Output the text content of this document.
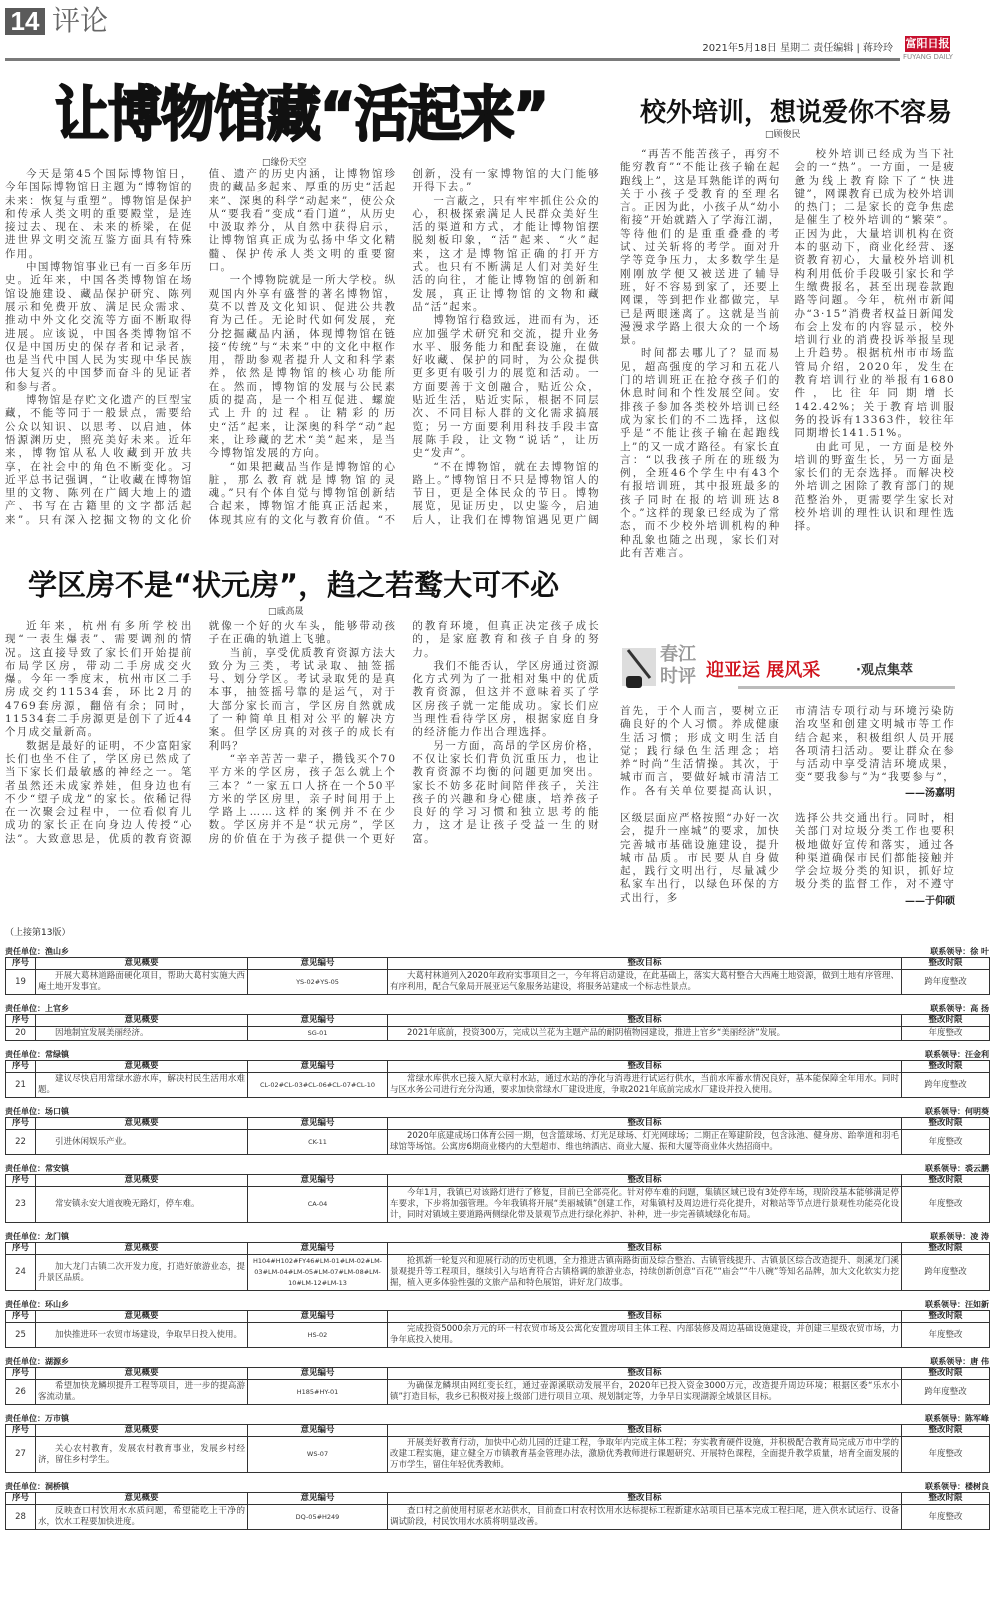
14 评论
2021年5月18日 星期二 责任编辑 | 蒋玲玲 富阳日报
FUYANG DAILY
让博物馆藏“活起来”
□缘份天空

今天是第45个国际博物馆日，今年国际博物馆日主题为“博物馆的未来：恢复与重塑”。博物馆是保护和传承人类文明的重要殿堂，是连接过去、现在、未来的桥梁，在促进世界文明交流互鉴方面具有特殊作用。

中国博物馆事业已有一百多年历史。近年来，中国各类博物馆在场馆设施建设、藏品保护研究、陈列展示和免费开放、满足民众需求、推动中外文化交流等方面不断取得进展。应该说，中国各类博物馆不仅是中国历史的保存者和记录者，也是当代中国人民为实现中华民族伟大复兴的中国梦而奋斗的见证者和参与者。

博物馆是存贮文化遗产的巨型宝藏，不能等同于一般景点，需要给公众以知识、以思考、以启迪，体悟源渊历史，照亮美好未来。近年来，博物馆从私人收藏到开放共享，在社会中的角色不断变化。习近平总书记强调，“让收藏在博物馆里的文物、陈列在广阔大地上的遗产、书写在古籍里的文字都活起来”。只有深入挖掘文物的文化价值、遗产的历史内涵，让博物馆珍贵的藏品多起来、厚重的历史“活起来”、深奥的科学“动起来”，使公众从“要我看”变成“看门道”，从历史中汲取养分，从自然中获得启示，让博物馆真正成为弘扬中华文化精髓、保护传承人类文明的重要窗口。

一个博物院就是一所大学校。纵观国内外享有盛誉的著名博物馆，莫不以普及文化知识、促进公共教育为己任。无论时代如何发展，充分挖掘藏品内涵，体现博物馆在链接“传统”与“未来”中的文化中枢作用，帮助参观者提升人文和科学素养，依然是博物馆的核心功能所在。然而，博物馆的发展与公民素质的提高，是一个相互促进、螺旋式上升的过程。让精彩的历史“活”起来，让深奥的科学“动”起来，让珍藏的艺术“美”起来，是当今博物馆发展的方向。

“如果把藏品当作是博物馆的心脏，那么教育就是博物馆的灵魂。”只有个体自觉与博物馆创新结合起来，博物馆才能真正活起来，体现其应有的文化与教育价值。“不创新，没有一家博物馆的大门能够开得下去。”

一言蔽之，只有牢牢抓住公众的心，积极探索满足人民群众美好生活的渠道和方式，才能让博物馆摆脱刻板印象，“活”起来、“火”起来，这才是博物馆正确的打开方式。也只有不断满足人们对美好生活的向往，才能让博物馆的创新和发展，真正让博物馆的文物和藏品“活”起来。

博物馆行稳致远，进而有为，还应加强学术研究和交流，提升业务水平、服务能力和配套设施，在做好收藏、保护的同时，为公众提供更多更有吸引力的展览和活动。一方面要善于文创融合，贴近公众，贴近生活，贴近实际，根据不同层次、不同目标人群的文化需求搞展览；另一方面要利用科技手段丰富展陈手段，让文物“说话”，让历史“发声”。

“不在博物馆，就在去博物馆的路上。”博物馆日不只是博物馆人的节日，更是全体民众的节日。博物展览，见证历史，以史鉴今，启迪后人，让我们在博物馆遇见更广阔

校外培训，想说爱你不容易
□顾俊民

“再苦不能苦孩子，再穷不能穷教育”“不能让孩子输在起跑线上”，这是耳熟能详的两句关于小孩子受教育的至理名言。正因为此，小孩子从“幼小衔接”开始就踏入了学海江湖，等待他们的是重重叠叠的考试、过关斩将的考学。面对升学等竞争压力，太多数学生是刚刚放学便又被送进了辅导班，好不容易到家了，还要上网课，等到把作业都做完，早已是两眼迷离了。这就是当前漫漫求学路上很大众的一个场景。

时间都去哪儿了？显而易见，超高强度的学习和五花八门的培训班正在抢夺孩子们的休息时间和个性发展空间。安排孩子参加各类校外培训已经成为家长们的不二选择，这似乎是“不能让孩子输在起跑线上”的又一成才路径。有家长直言：“以我孩子所在的班级为例，全班46个学生中有43个有报培训班，其中报班最多的孩子同时在报的培训班达8个。”这样的现象已经成为了常态，而不少校外培训机构的种种乱象也随之出现，家长们对此有苦难言。

校外培训已经成为当下社会的一“热”。一方面，一是疲惫为线上教育除下了“快进键”，网课教育已成为校外培训的热门；二是家长的竞争焦虑是催生了校外培训的“繁荣”。正因为此，大量培训机构在资本的驱动下，商业化经营、逐资教育初心，大量校外培训机构利用低价手段吸引家长和学生缴费报名，甚至出现卷款跑路等问题。今年，杭州市新闻办“3·15”消费者权益日新闻发布会上发布的内容显示，校外培训行业的消费投诉举报呈现上升趋势。根据杭州市市场监管局介绍，2020年，发生在教育培训行业的举报有1680件，比往年同期增长142.42%；关于教育培训服务的投诉有13363件，较往年同期增长141.51%。

由此可见，一方面是校外培训的野蛮生长，另一方面是家长们的无奈选择。而解决校外培训之困除了教育部门的规范整治外，更需要学生家长对校外培训的理性认识和理性选择。

学区房不是“状元房”，趋之若鹜大可不必
□戚高晟

近年来，杭州有多所学校出现“一表生爆表”、需要调剂的情况。这直接导致了家长们开始提前布局学区房，带动二手房成交火爆。今年一季度末，杭州市区二手房成交约11534套，环比2月的4769套房源，翻倍有余；同时，11534套二手房源更是创下了近44个月成交量新高。

数据是最好的证明，不少富阳家长们也坐不住了，学区房已然成了当下家长们最敏感的神经之一。笔者虽然还未成家养娃，但身边也有不少“望子成龙”的家长。依稀记得在一次聚会过程中，一位看似育儿成功的家长正在向身边人传授“心法”。大致意思是，优质的教育资源就像一个好的火车头，能够带动孩子在正确的轨道上飞驰。

当前，享受优质教育资源方法大致分为三类，考试录取、抽签摇号、划分学区。考试录取凭的是真本事，抽签摇号靠的是运气，对于大部分家长而言，学区房自然就成了一种简单且相对公平的解决方案。但学区房真的对孩子的成长有利吗？

“辛辛苦苦一辈子，攒钱买个70平方米的学区房，孩子怎么就上个三本？”一家五口人挤在一个50平方米的学区房里，亲子时间用于上学路上……这样的案例并不在少数。学区房并不是“状元房”，学区房的价值在于为孩子提供一个更好的教育环境，但真正决定孩子成长的，是家庭教育和孩子自身的努力。

我们不能否认，学区房通过资源化方式列为了一批相对集中的优质教育资源，但这并不意味着买了学区房孩子就一定能成功。家长们应当理性看待学区房，根据家庭自身的经济能力作出合理选择。

另一方面，高昂的学区房价格，不仅让家长们背负沉重压力，也让教育资源不均衡的问题更加突出。家长不妨多花时间陪伴孩子，关注孩子的兴趣和身心健康，培养孩子良好的学习习惯和独立思考的能力，这才是让孩子受益一生的财富。

春江时评 迎亚运 展风采	·观点集萃
首先，于个人而言，要树立正确良好的个人习惯。养成健康生活习惯；形成文明生活自觉；践行绿色生活理念；培养“时尚”生活情操。其次，于城市而言，要做好城市清洁工作。各有关单位要提高认识，
市清洁专项行动与环境污染防治攻坚和创建文明城市等工作结合起来，积极组织人员开展各项清扫活动。要让群众在参与活动中享受清洁环境成果，变“要我参与”为“我要参与”，
——汤嘉明
区级层面应严格按照“办好一次会，提升一座城”的要求，加快完善城市基础设施建设，提升城市品质。市民要从自身做起，践行文明出行，尽量减少私家车出行，以绿色环保的方式出行，多
选择公共交通出行。同时，相关部门对垃圾分类工作也要积极地做好宣传和落实，通过各种渠道确保市民们都能接触并学会垃圾分类的知识，抓好垃圾分类的监督工作，对不遵守
——于仰硕
（上接第13版）
责任单位：渔山乡	联系领导：徐 叶
序号	意见概要	意见编号	整改目标	整改时限
19	开展大葛林道路面硬化项目，帮助大葛村实施大西庵土地开发事宜。	YS-02#YS-05	大葛村林道列入2020年政府实事项目之一，今年将启动建设，在此基础上，落实大葛村整合大西庵土地资源，做到土地有序管理、有序利用，配合气象局开展亚运气象服务站建设，将服务站建成一个标志性景点。	跨年度整改
责任单位：上官乡	联系领导：高 扬
序号	意见概要	意见编号	整改目标	整改时限
20	因地制宜发展美丽经济。	SG-01	2021年底前，投资300万，完成以兰花为主题产品的耐阴植物园建设，推进上官乡“美丽经济”发展。	年度整改
责任单位：常绿镇	联系领导：汪金利
序号	意见概要	意见编号	整改目标	整改时限
21	建议尽快启用常绿水游水库，解决村民生活用水难题。	CL-02#CL-03#CL-06#CL-07#CL-10	常绿水库供水已接入原大章村水站，通过水站的净化与消毒进行试运行供水，当前水库蓄水情况良好，基本能保障全年用水。同时与区水务公司进行充分沟通，要求加快常绿水厂建设进度，争取2021年底前完成水厂建设并投入使用。	跨年度整改
责任单位：场口镇	联系领导：何明葵
序号	意见概要	意见编号	整改目标	整改时限
22	引进休闲娱乐产业。	CK-11	2020年底建成场口体育公园一期，包含篮球场、灯光足球场、灯光网球场；二期正在筹建阶段，包含泳池、健身房、跆拳道和羽毛球馆等场馆。公寓房6期商业楼内的大型超市、维也纳酒店、商业大厦、振和大厦等商业体火热招商中。	年度整改
责任单位：常安镇	联系领导：裘云鹏
序号	意见概要	意见编号	整改目标	整改时限
23	常安镇永安大道夜晚无路灯，停车难。	CA-04	今年1月，我镇已对该路灯进行了修复，目前已全部亮化。针对停车难的问题，集镇区域已设有3处停车场，现阶段基本能够满足停车要求，下步将加强管理。今年我镇将开展“美丽城镇”创建工作，对集镇村及周边进行亮化提升，对粮站等节点进行景观性功能亮化设计，同时对镇域主要道路两侧绿化带及景观节点进行绿化养护、补种，进一步完善镇域绿化布局。	年度整改
责任单位：龙门镇	联系领导：凌 涛
序号	意见概要	意见编号	整改目标	整改时限
24	加大龙门古镇二次开发力度，打造好旅游业态，提升景区品质。	H104#H102#FY46#LM-01#LM-02#LM-03#LM-04#LM-05#LM-07#LM-08#LM-10#LM-12#LM-13	抢抓新一轮复兴和迎展行动的历史机遇，全力推进古镇南路街面及综合整治、古镇管线提升、古镇景区综合改造提升、剡溪龙门溪景观提升等工程项目，继续引入与培育符合古镇格调的旅游业态，持续创新创意“百花”“庙会”“牛八碗”等知名品牌，加大文化软实力挖掘，植入更多体验性强的文旅产品和特色展馆，讲好龙门故事。	跨年度整改
责任单位：环山乡	联系领导：汪如新
序号	意见概要	意见编号	整改目标	整改时限
25	加快推进环一农贸市场建设，争取早日投入使用。	HS-02	完成投资5000余万元的环一村农贸市场及公寓化安置房项目主体工程、内部装修及周边基础设施建设，并创建三星级农贸市场，力争年底投入使用。	年度整改
责任单位：湖源乡	联系领导：唐 伟
序号	意见概要	意见编号	整改目标	整改时限
26	希望加快龙鳞坝提升工程等项目，进一步的提高游客流动量。	H185#HY-01	为确保龙鳞坝由网红变长红，通过壶源溪联动发展平台，2020年已投入资金3000万元，改造提升周边环境；根据区委“乐水小镇”打造目标，我乡已积极对接上级部门进行项目立项、规划制定等，力争早日实现湖源全域景区目标。	跨年度整改
责任单位：万市镇	联系领导：陈军峰
序号	意见概要	意见编号	整改目标	整改时限
27	关心农村教育，发展农村教育事业，发展乡村经济，留住乡村学生。	WS-07	开展美好教育行动，加快中心幼儿园的迁建工程，争取年内完成主体工程；夯实教育硬件设施，并积极配合教育局完成万市中学的改建工程实施，建立健全万市镇教育基金管理办法，激励优秀教师进行课题研究、开展特色课程，全面提升教学质量，培育全面发展的万市学生，留住年轻优秀教师。	年度整改
责任单位：洞桥镇	联系领导：楼树良
序号	意见概要	意见编号	整改目标	整改时限
28	反映查口村饮用水水质问题，希望能吃上干净的水，饮水工程要加快进度。	DQ-05#H249	查口村之前使用村原老水站供水，目前查口村农村饮用水达标提标工程新建水站项目已基本完成工程扫尾，进入供水试运行、设备调试阶段，村民饮用水水质将明显改善。	年度整改
